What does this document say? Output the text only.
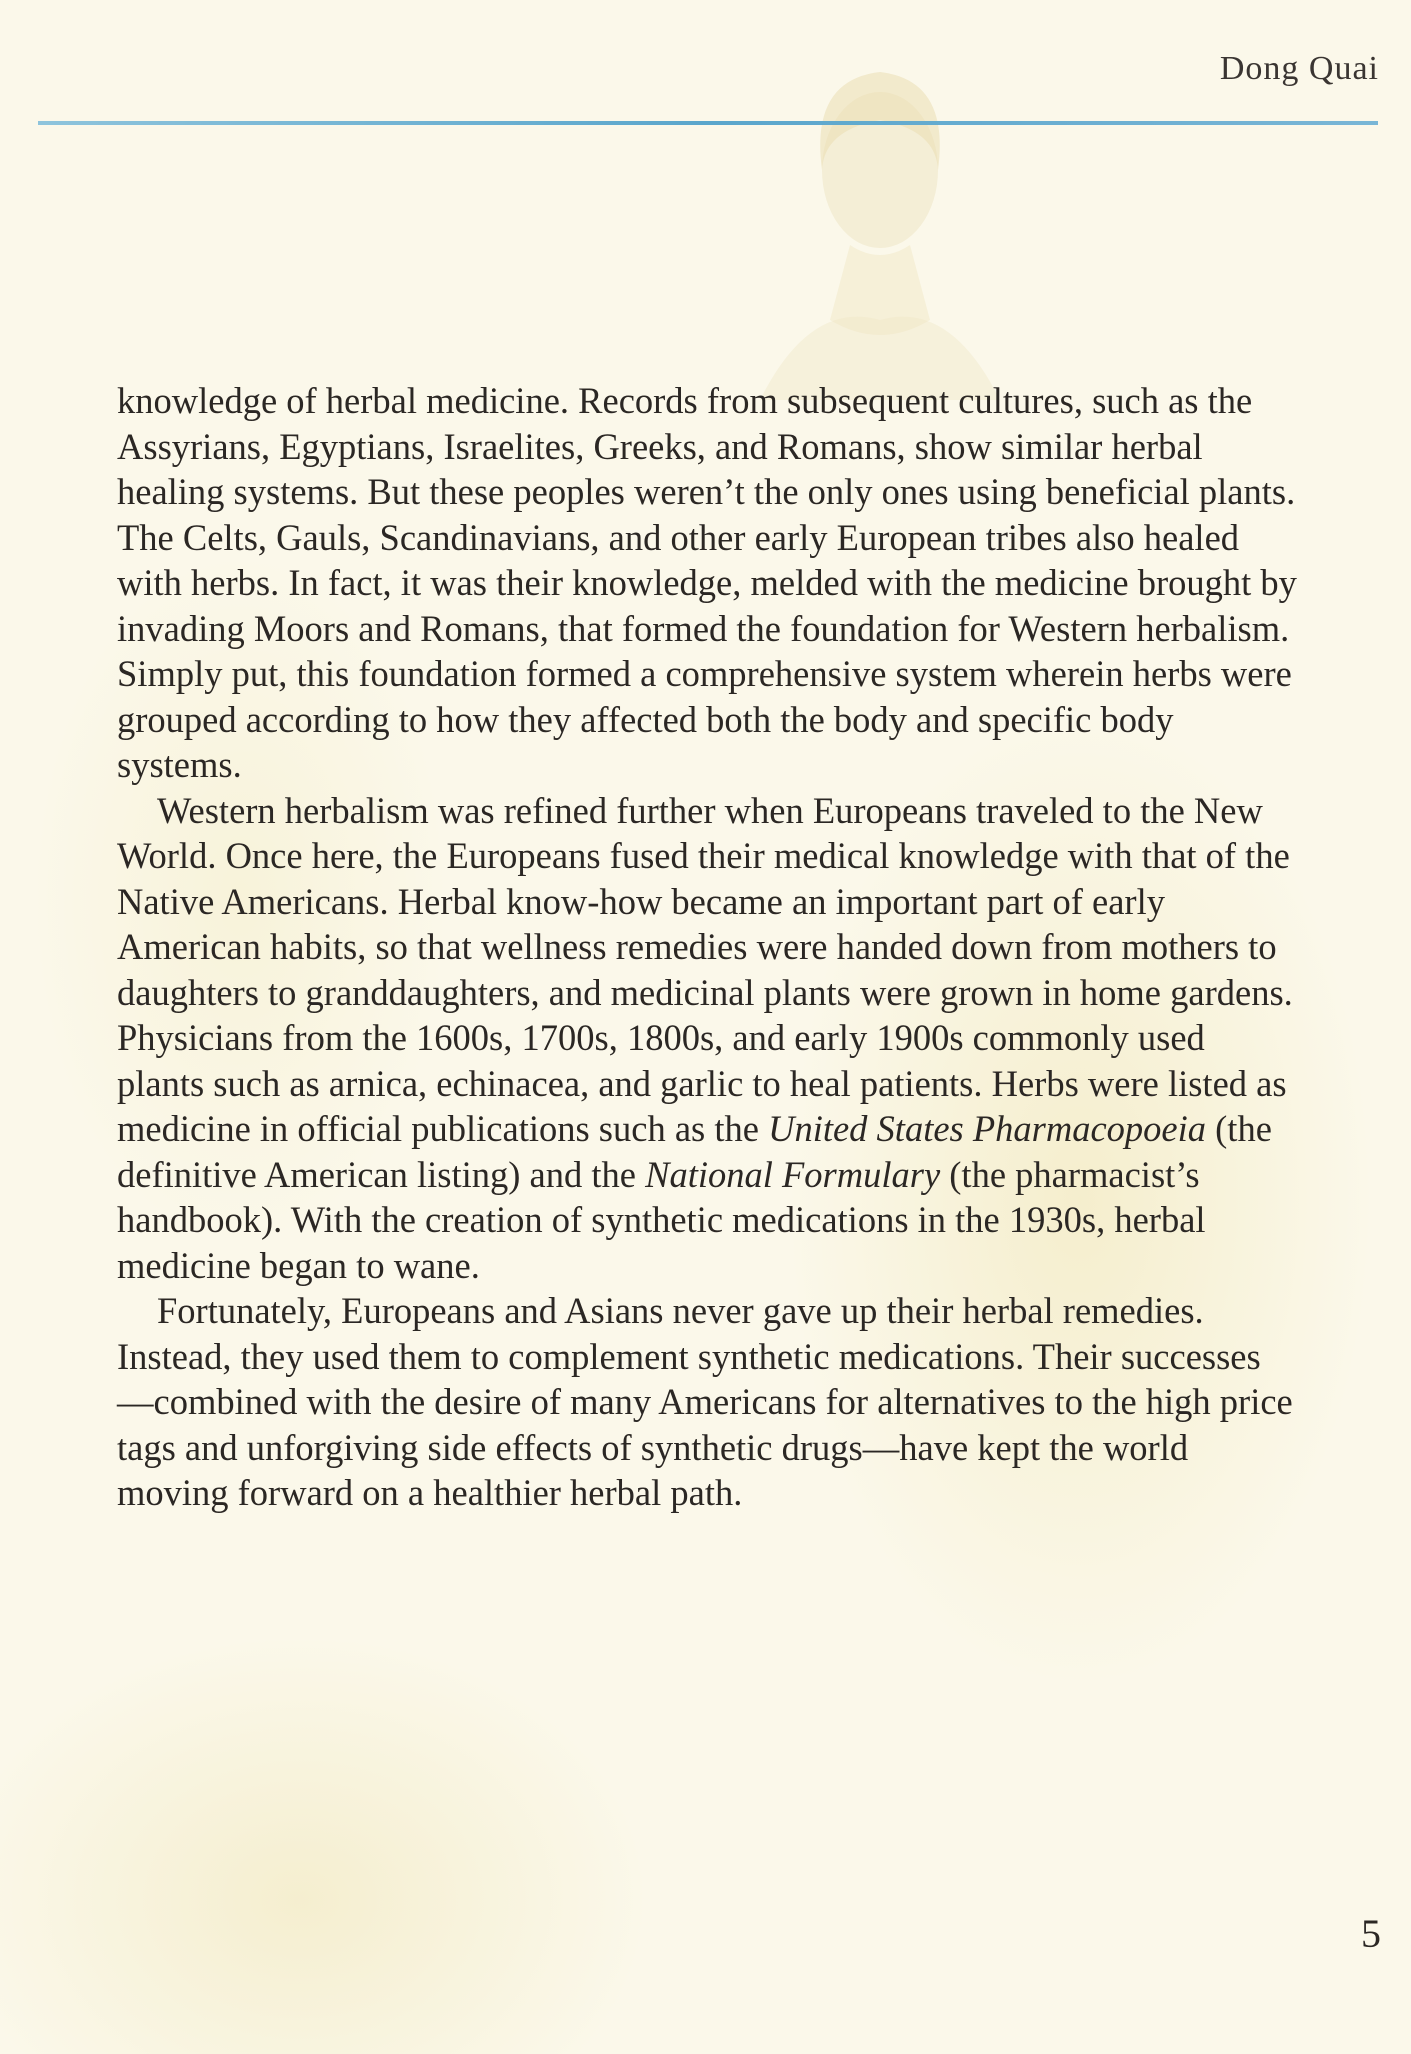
Dong Quai

knowledge of herbal medicine. Records from subsequent cultures, such as the Assyrians, Egyptians, Israelites, Greeks, and Romans, show similar herbal healing systems. But these peoples weren’t the only ones using beneficial plants. The Celts, Gauls, Scandinavians, and other early European tribes also healed with herbs. In fact, it was their knowledge, melded with the medicine brought by invading Moors and Romans, that formed the foundation for Western herbalism. Simply put, this foundation formed a comprehensive system wherein herbs were grouped according to how they affected both the body and specific body systems.

Western herbalism was refined further when Europeans traveled to the New World. Once here, the Europeans fused their medical knowledge with that of the Native Americans. Herbal know-how became an important part of early American habits, so that wellness remedies were handed down from mothers to daughters to granddaughters, and medicinal plants were grown in home gardens. Physicians from the 1600s, 1700s, 1800s, and early 1900s commonly used plants such as arnica, echinacea, and garlic to heal patients. Herbs were listed as medicine in official publications such as the United States Pharmacopoeia (the definitive American listing) and the National Formulary (the pharmacist’s handbook). With the creation of synthetic medications in the 1930s, herbal medicine began to wane.

Fortunately, Europeans and Asians never gave up their herbal remedies. Instead, they used them to complement synthetic medications. Their successes—combined with the desire of many Americans for alternatives to the high price tags and unforgiving side effects of synthetic drugs—have kept the world moving forward on a healthier herbal path.

5
